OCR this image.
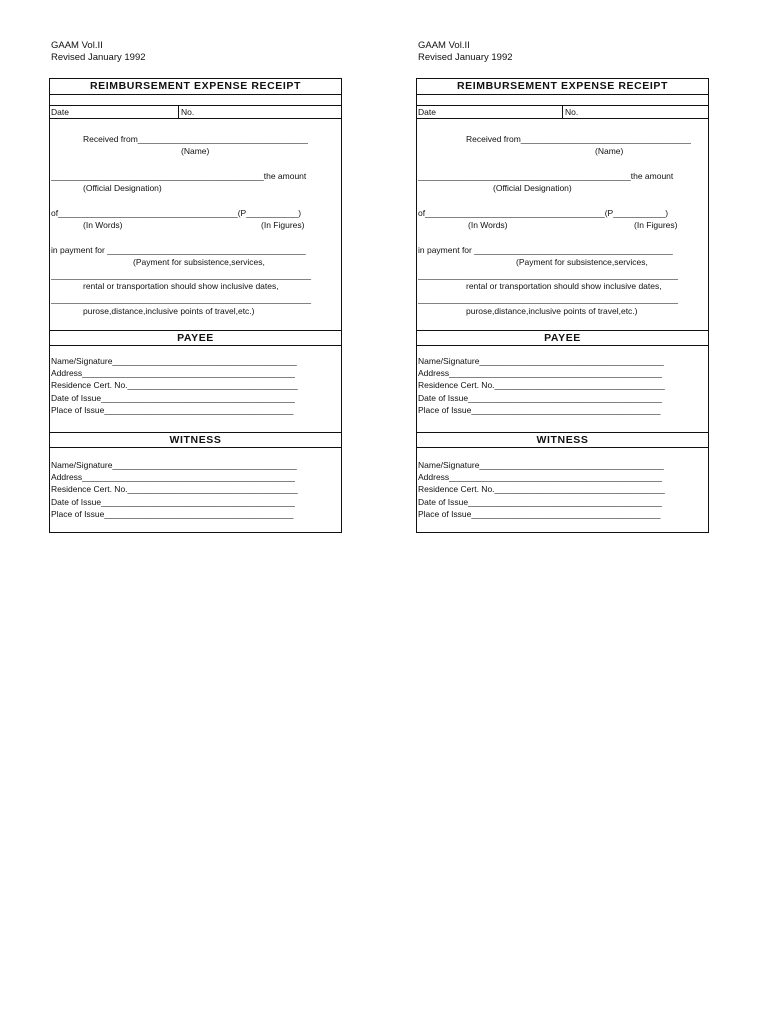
GAAM Vol.II
Revised January 1992
REIMBURSEMENT EXPENSE RECEIPT
Date	No.
Received from____________________________________
(Name)
_____________________________________________the amount
(Official Designation)
of______________________________________(P___________)
(In Words)	(In Figures)
in payment for __________________________________________
(Payment for subsistence,services,
_______________________________________________________
rental or transportation should show inclusive dates,
_______________________________________________________
purose,distance,inclusive points of travel,etc.)
PAYEE
Name/Signature_______________________________________
Address_____________________________________________
Residence Cert. No.____________________________________
Date of Issue_________________________________________
Place of Issue________________________________________
WITNESS
Name/Signature_______________________________________
Address_____________________________________________
Residence Cert. No.____________________________________
Date of Issue_________________________________________
Place of Issue________________________________________
GAAM Vol.II
Revised January 1992
REIMBURSEMENT EXPENSE RECEIPT
Date	No.
Received from____________________________________
(Name)
_____________________________________________the amount
(Official Designation)
of______________________________________(P___________)
(In Words)	(In Figures)
in payment for __________________________________________
(Payment for subsistence,services,
_______________________________________________________
rental or transportation should show inclusive dates,
_______________________________________________________
purose,distance,inclusive points of travel,etc.)
PAYEE
Name/Signature_______________________________________
Address_____________________________________________
Residence Cert. No.____________________________________
Date of Issue_________________________________________
Place of Issue________________________________________
WITNESS
Name/Signature_______________________________________
Address_____________________________________________
Residence Cert. No.____________________________________
Date of Issue_________________________________________
Place of Issue________________________________________
